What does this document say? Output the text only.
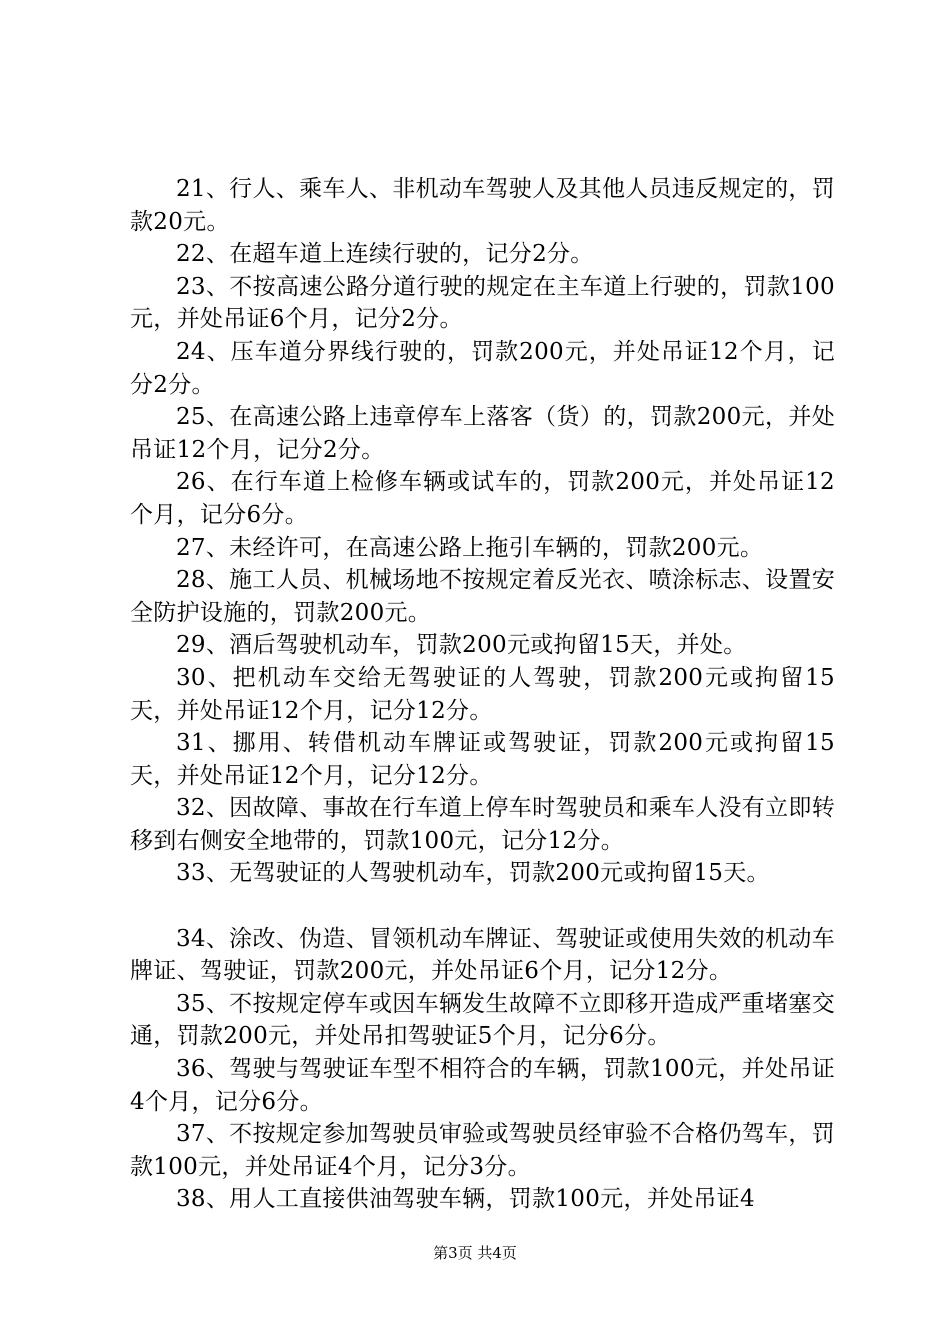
21、行人、乘车人、非机动车驾驶人及其他人员违反规定的，罚款20元。

22、在超车道上连续行驶的，记分2分。

23、不按高速公路分道行驶的规定在主车道上行驶的，罚款100元，并处吊证6个月，记分2分。

24、压车道分界线行驶的，罚款200元，并处吊证12个月，记分2分。

25、在高速公路上违章停车上落客（货）的，罚款200元，并处吊证12个月，记分2分。

26、在行车道上检修车辆或试车的，罚款200元，并处吊证12个月，记分6分。

27、未经许可，在高速公路上拖引车辆的，罚款200元。

28、施工人员、机械场地不按规定着反光衣、喷涂标志、设置安全防护设施的，罚款200元。

29、酒后驾驶机动车，罚款200元或拘留15天，并处。

30、把机动车交给无驾驶证的人驾驶，罚款200元或拘留15天，并处吊证12个月，记分12分。

31、挪用、转借机动车牌证或驾驶证，罚款200元或拘留15天，并处吊证12个月，记分12分。

32、因故障、事故在行车道上停车时驾驶员和乘车人没有立即转移到右侧安全地带的，罚款100元，记分12分。

33、无驾驶证的人驾驶机动车，罚款200元或拘留15天。

34、涂改、伪造、冒领机动车牌证、驾驶证或使用失效的机动车牌证、驾驶证，罚款200元，并处吊证6个月，记分12分。

35、不按规定停车或因车辆发生故障不立即移开造成严重堵塞交通，罚款200元，并处吊扣驾驶证5个月，记分6分。

36、驾驶与驾驶证车型不相符合的车辆，罚款100元，并处吊证4个月，记分6分。

37、不按规定参加驾驶员审验或驾驶员经审验不合格仍驾车，罚款100元，并处吊证4个月，记分3分。

38、用人工直接供油驾驶车辆，罚款100元，并处吊证4

第3页 共4页
